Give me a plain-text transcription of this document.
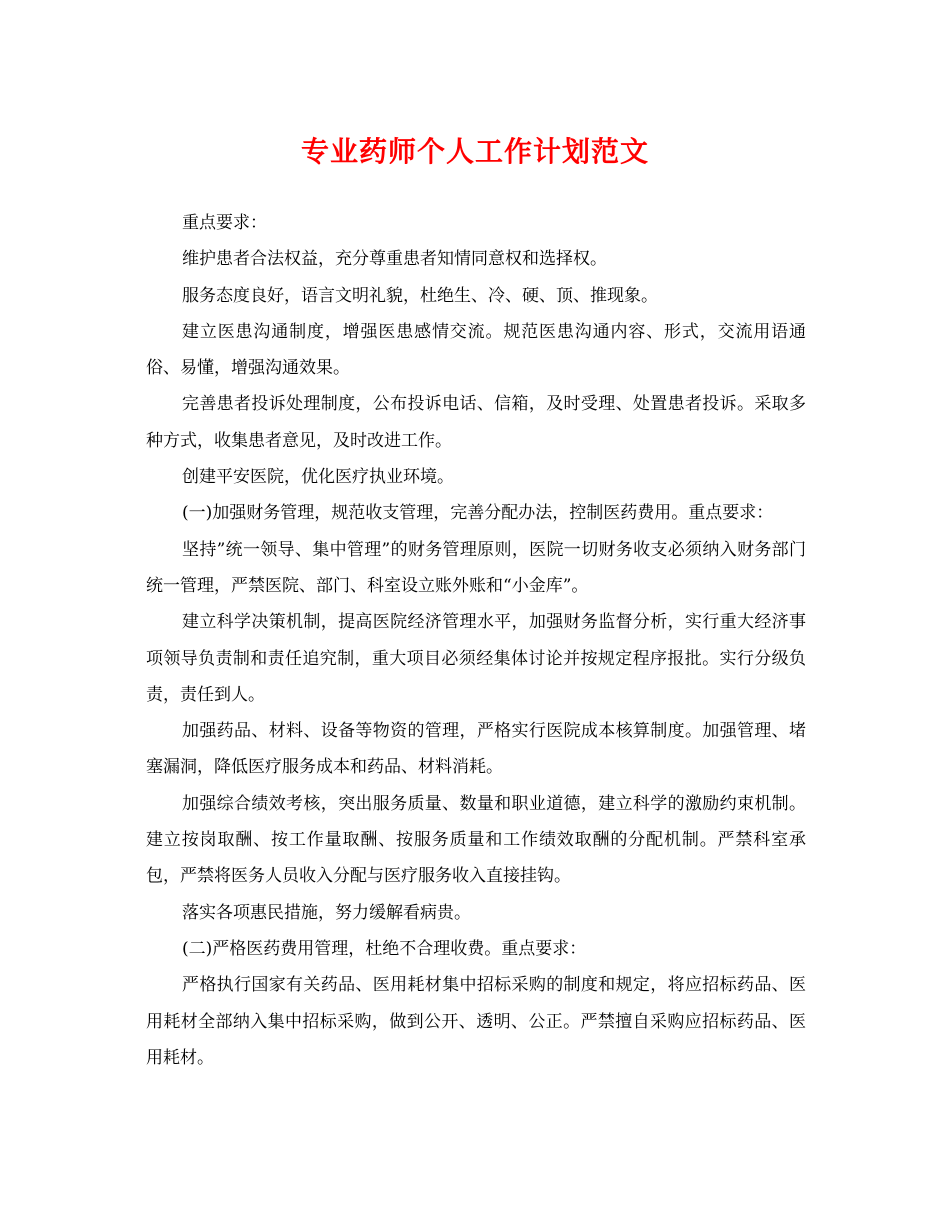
专业药师个人工作计划范文

重点要求：

维护患者合法权益，充分尊重患者知情同意权和选择权。

服务态度良好，语言文明礼貌，杜绝生、冷、硬、顶、推现象。

建立医患沟通制度，增强医患感情交流。规范医患沟通内容、形式，交流用语通俗、易懂，增强沟通效果。

完善患者投诉处理制度，公布投诉电话、信箱，及时受理、处置患者投诉。采取多种方式，收集患者意见，及时改进工作。

创建平安医院，优化医疗执业环境。

(一)加强财务管理，规范收支管理，完善分配办法，控制医药费用。重点要求：

坚持”统一领导、集中管理”的财务管理原则，医院一切财务收支必须纳入财务部门统一管理，严禁医院、部门、科室设立账外账和“小金库”。

建立科学决策机制，提高医院经济管理水平，加强财务监督分析，实行重大经济事项领导负责制和责任追究制，重大项目必须经集体讨论并按规定程序报批。实行分级负责，责任到人。

加强药品、材料、设备等物资的管理，严格实行医院成本核算制度。加强管理、堵塞漏洞，降低医疗服务成本和药品、材料消耗。

加强综合绩效考核，突出服务质量、数量和职业道德，建立科学的激励约束机制。建立按岗取酬、按工作量取酬、按服务质量和工作绩效取酬的分配机制。严禁科室承包，严禁将医务人员收入分配与医疗服务收入直接挂钩。

落实各项惠民措施，努力缓解看病贵。

(二)严格医药费用管理，杜绝不合理收费。重点要求：

严格执行国家有关药品、医用耗材集中招标采购的制度和规定，将应招标药品、医用耗材全部纳入集中招标采购，做到公开、透明、公正。严禁擅自采购应招标药品、医用耗材。
